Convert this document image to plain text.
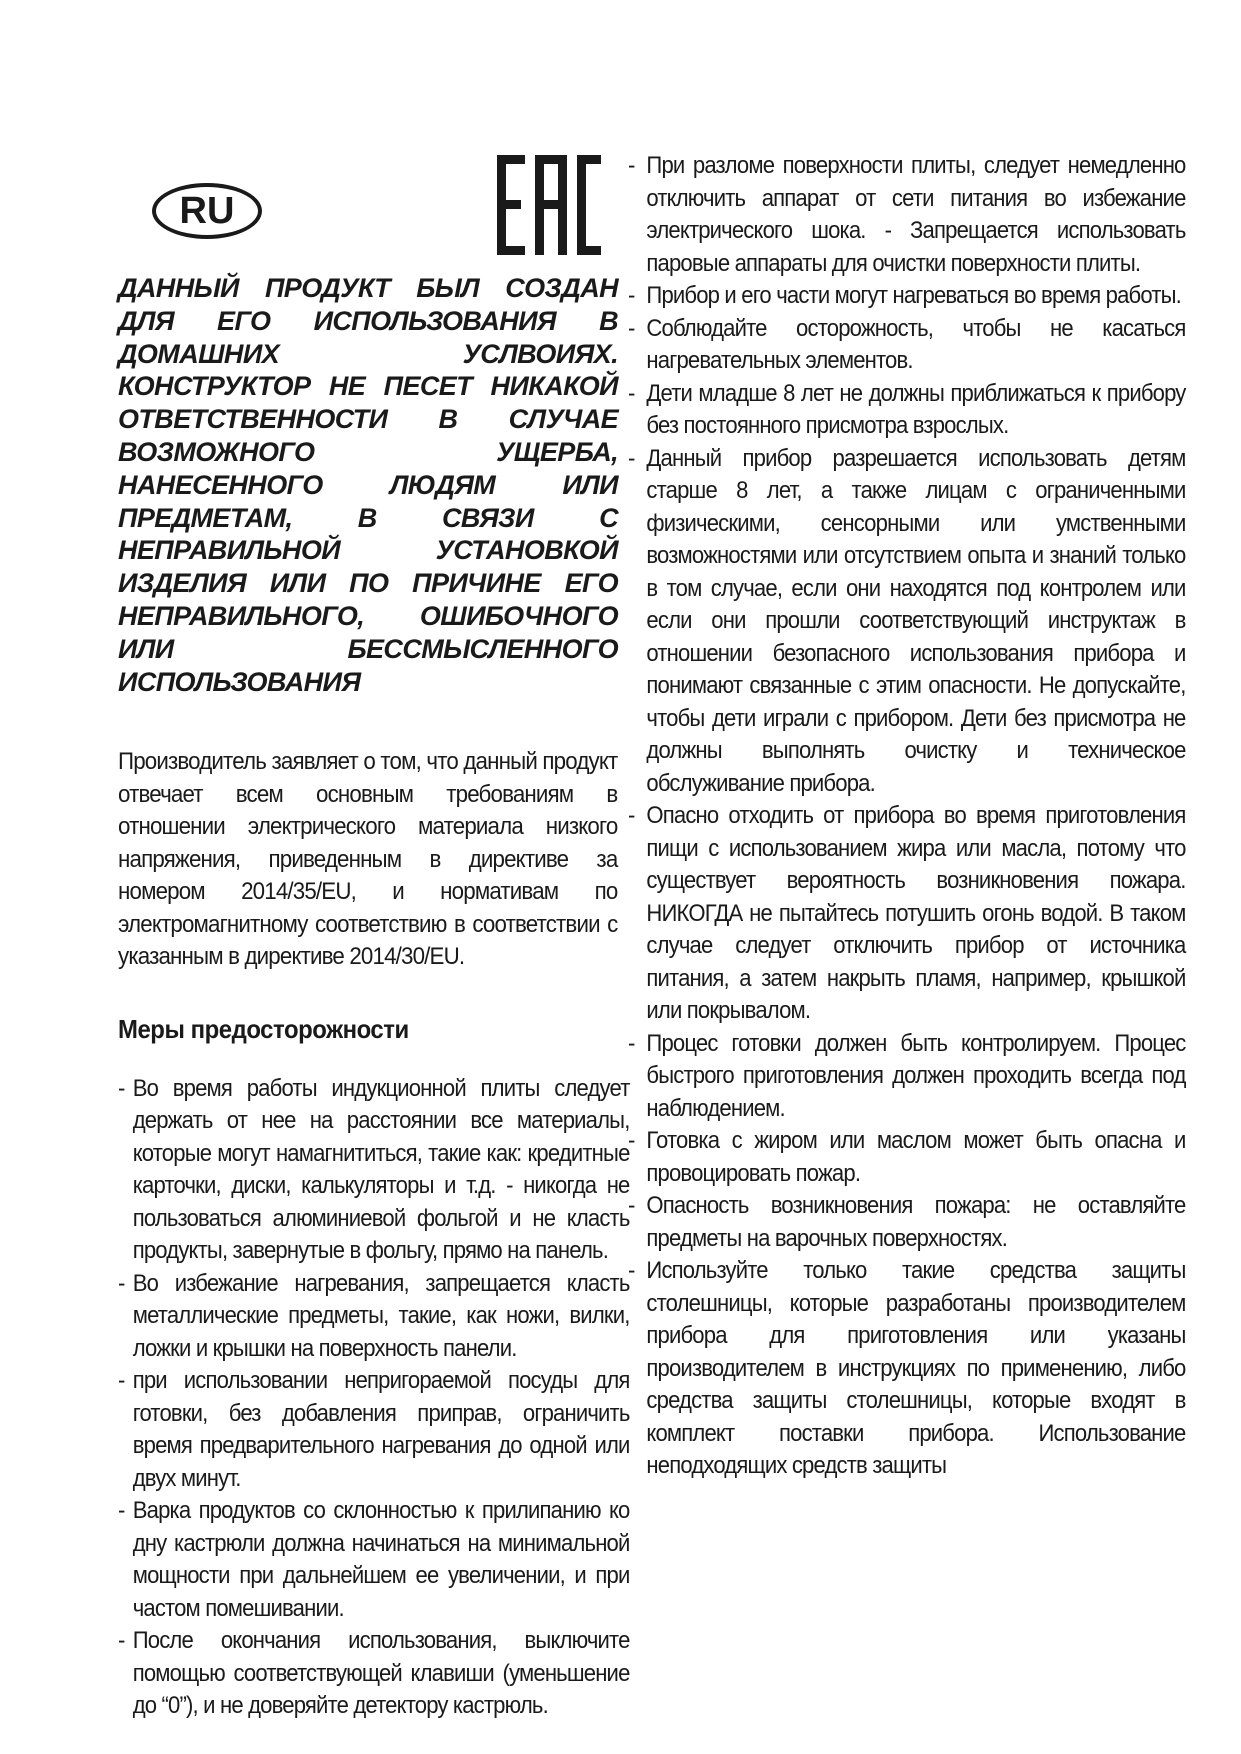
RU

ДАННЫЙ ПРОДУКТ БЫЛ СОЗДАН ДЛЯ ЕГО ИСПОЛЬЗОВАНИЯ В ДОМАШНИХ УСЛВОИЯХ. КОНСТРУКТОР НЕ ПЕСЕТ НИКАКОЙ ОТВЕТСТВЕННОСТИ В СЛУЧАЕ ВОЗМОЖНОГО УЩЕРБА, НАНЕСЕННОГО ЛЮДЯМ ИЛИ ПРЕДМЕТАМ, В СВЯЗИ С НЕПРАВИЛЬНОЙ УСТАНОВКОЙ ИЗДЕЛИЯ ИЛИ ПО ПРИЧИНЕ ЕГО НЕПРАВИЛЬНОГО, ОШИБОЧНОГО ИЛИ БЕССМЫСЛЕННОГО ИСПОЛЬЗОВАНИЯ

Производитель заявляет о том, что данный продукт отвечает всем основным требованиям в отношении электрического материала низкого напряжения, приведенным в директиве за номером 2014/35/EU, и нормативам по электромагнитному соответствию в соответствии с указанным в директиве 2014/30/EU.
Меры предосторожности
- Во время работы индукционной плиты следует держать от нее на расстоянии все материалы, которые могут намагнититься, такие как: кредитные карточки, диски, калькуляторы и т.д. - никогда не пользоваться алюминиевой фольгой и не класть продукты, завернутые в фольгу, прямо на панель.
- Во избежание нагревания, запрещается класть металлические предметы, такие, как ножи, вилки, ложки и крышки на поверхность панели.
- при использовании непригораемой посуды для готовки, без добавления приправ, ограничить время предварительного нагревания до одной или двух минут.
- Варка продуктов со склонностью к прилипанию ко дну кастрюли должна начинаться на минимальной мощности при дальнейшем ее увеличении, и при частом помешивании.
- После окончания использования, выключите помощью соответствующей клавиши (уменьшение до “0”), и не доверяйте детектору кастрюль.
- При разломе поверхности плиты, следует немедленно отключить аппарат от сети питания во избежание электрического шока. - Запрещается использовать паровые аппараты для очистки поверхности плиты.
- Прибор и его части могут нагреваться во время работы.
- Соблюдайте осторожность, чтобы не касаться нагревательных элементов.
- Дети младше 8 лет не должны приближаться к прибору без постоянного присмотра взрослых.
- Данный прибор разрешается использовать детям старше 8 лет, а также лицам с ограниченными физическими, сенсорными или умственными возможностями или отсутствием опыта и знаний только в том случае, если они находятся под контролем или если они прошли соответствующий инструктаж в отношении безопасного использования прибора и понимают связанные с этим опасности. Не допускайте, чтобы дети играли с прибором. Дети без присмотра не должны выполнять очистку и техническое обслуживание прибора.
- Опасно отходить от прибора во время приготовления пищи с использованием жира или масла, потому что существует вероятность возникновения пожара. НИКОГДА не пытайтесь потушить огонь водой. В таком случае следует отключить прибор от источника питания, а затем накрыть пламя, например, крышкой или покрывалом.
- Процес готовки должен быть контролируем. Процес быстрого приготовления должен проходить всегда под наблюдением.
- Готовка с жиром или маслом может быть опасна и провоцировать пожар.
- Опасность возникновения пожара: не оставляйте предметы на варочных поверхностях.
- Используйте только такие средства защиты столешницы, которые разработаны производителем прибора для приготовления или указаны производителем в инструкциях по применению, либо средства защиты столешницы, которые входят в комплект поставки прибора. Использование неподходящих средств защиты
